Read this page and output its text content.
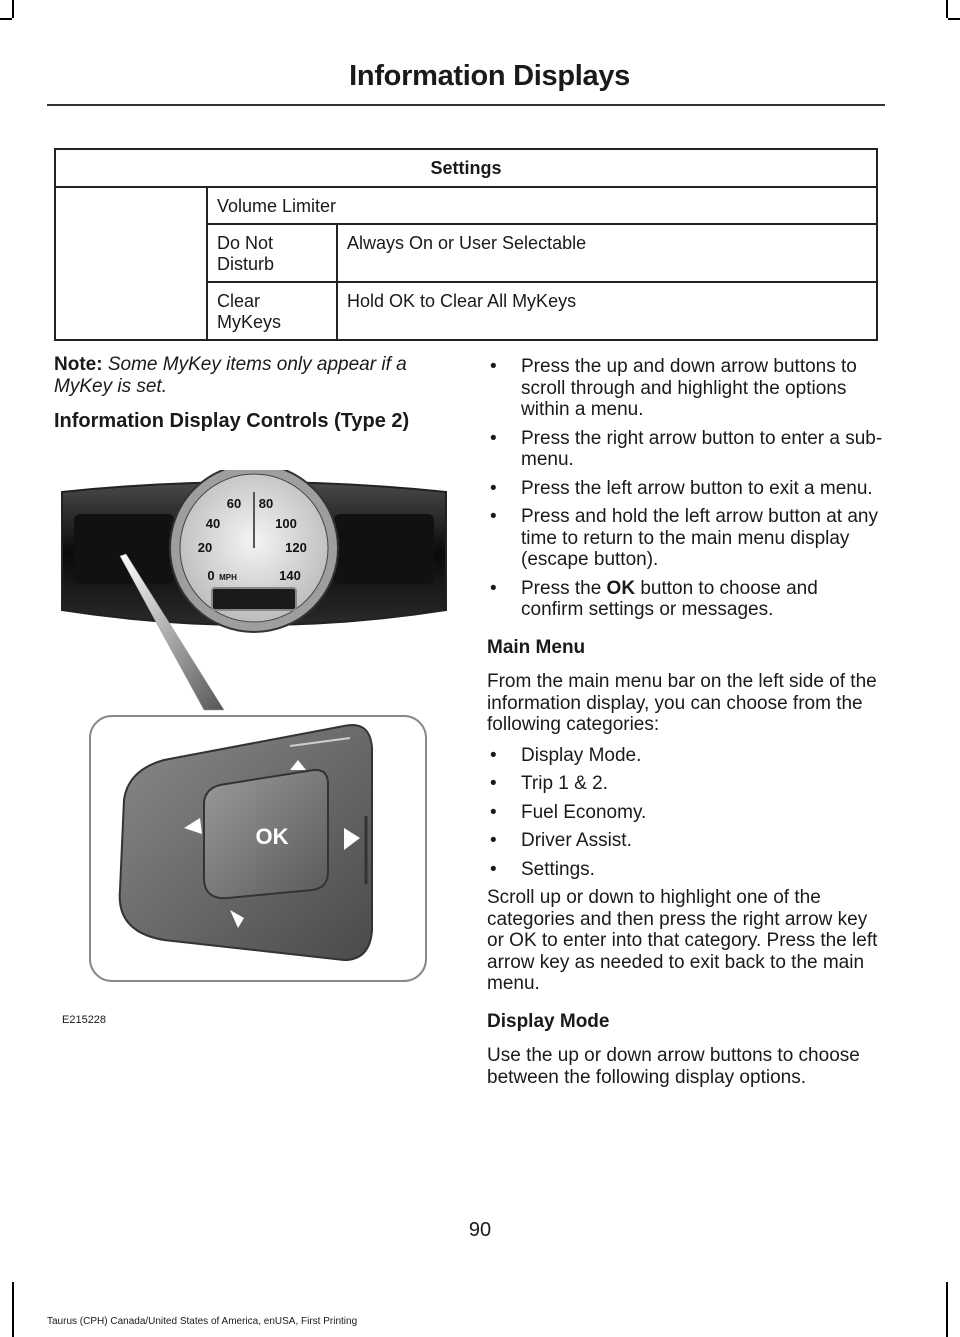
Information Displays
Settings		

	Volume Limiter	

	Do Not Disturb	Always On or User Selectable

	Clear MyKeys	Hold OK to Clear All MyKeys

Note: Some MyKey items only appear if a MyKey is set.

Information Display Controls (Type 2)
60 80
40	100
20	120
0	140
MPH
OK
E215228
• Press the up and down arrow buttons to scroll through and highlight the options within a menu.
• Press the right arrow button to enter a sub-menu.
• Press the left arrow button to exit a menu.
• Press and hold the left arrow button at any time to return to the main menu display (escape button).
• Press the OK button to choose and confirm settings or messages.

Main Menu

From the main menu bar on the left side of the information display, you can choose from the following categories:

• Display Mode.
• Trip 1 & 2.
• Fuel Economy.
• Driver Assist.
• Settings.

Scroll up or down to highlight one of the categories and then press the right arrow key or OK to enter into that category. Press the left arrow key as needed to exit back to the main menu.

Display Mode

Use the up or down arrow buttons to choose between the following display options.

90
Taurus (CPH) Canada/United States of America, enUSA, First Printing
